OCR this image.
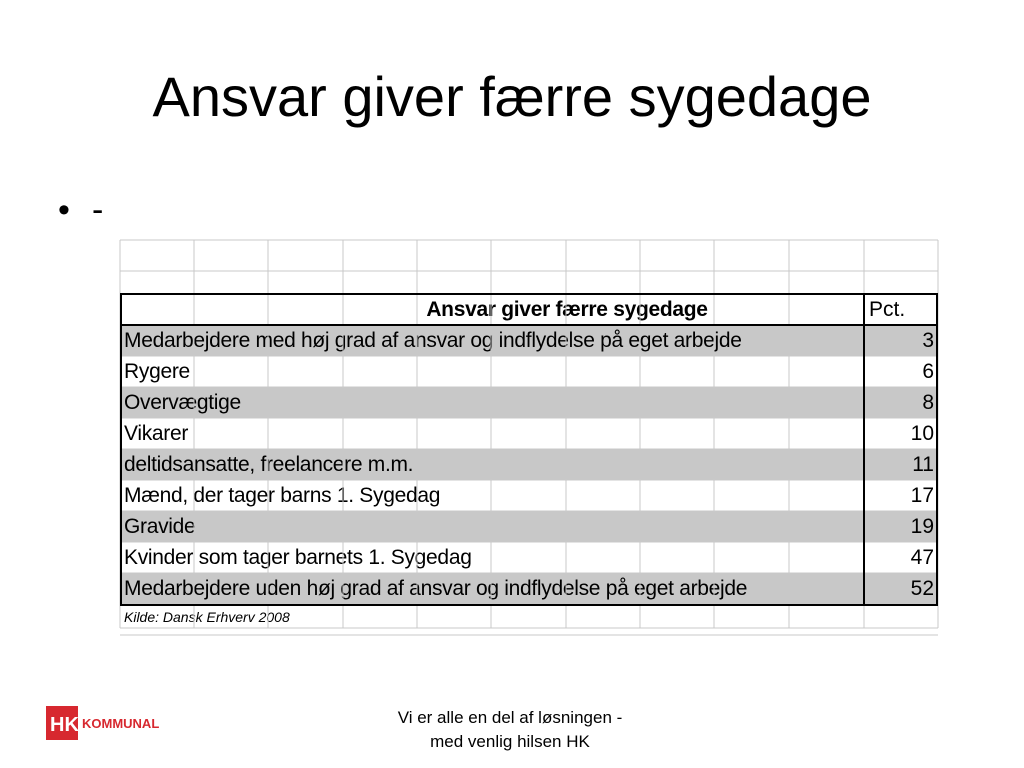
Ansvar giver færre sygedage
• -
Medarbejdere med høj grad af ansvar og indflydelse på eget arbejde	3
Rygere	6
Overvægtige	8
Vikarer	10
deltidsansatte, freelancere m.m.	11
Mænd, der tager barns 1. Sygedag	17
Gravide	19
Kvinder som tager barnets 1. Sygedag	47
Medarbejdere uden høj grad af ansvar og indflydelse på eget arbejde	52
Ansvar giver færre sygedage	Pct.
Kilde: Dansk Erhverv 2008
HK KOMMUNAL	Vi er alle en del af løsningen -
med venlig hilsen HK
